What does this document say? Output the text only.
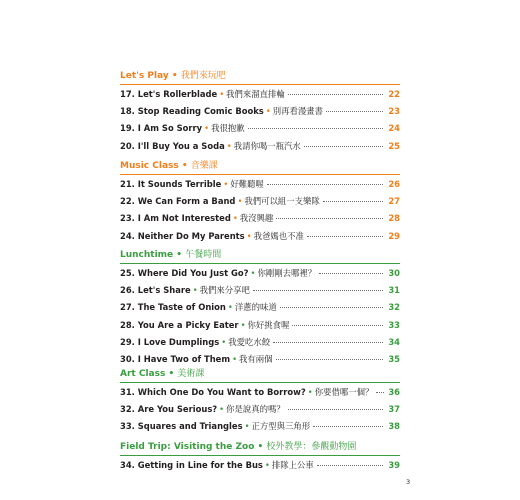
Let's Play • 我們來玩吧
17. Let's Rollerblade • 我們來溜直排輪	22
18. Stop Reading Comic Books • 別再看漫畫書	23
19. I Am So Sorry • 我很抱歉	24
20. I'll Buy You a Soda • 我請你喝一瓶汽水	25
Music Class • 音樂課
21. It Sounds Terrible • 好難聽喔	26
22. We Can Form a Band • 我們可以組一支樂隊	27
23. I Am Not Interested • 我沒興趣	28
24. Neither Do My Parents • 我爸媽也不准	29
Lunchtime • 午餐時間
25. Where Did You Just Go? • 你剛剛去哪裡？	30
26. Let's Share • 我們來分享吧	31
27. The Taste of Onion • 洋蔥的味道	32
28. You Are a Picky Eater • 你好挑食喔	33
29. I Love Dumplings • 我愛吃水餃	34
30. I Have Two of Them • 我有兩個	35
Art Class • 美術課
31. Which One Do You Want to Borrow? • 你要借哪一個？ 36
32. Are You Serious? • 你是說真的嗎？	37
33. Squares and Triangles • 正方型與三角形	38
Field Trip: Visiting the Zoo • 校外教學：參觀動物園
34. Getting in Line for the Bus • 排隊上公車	39
3
